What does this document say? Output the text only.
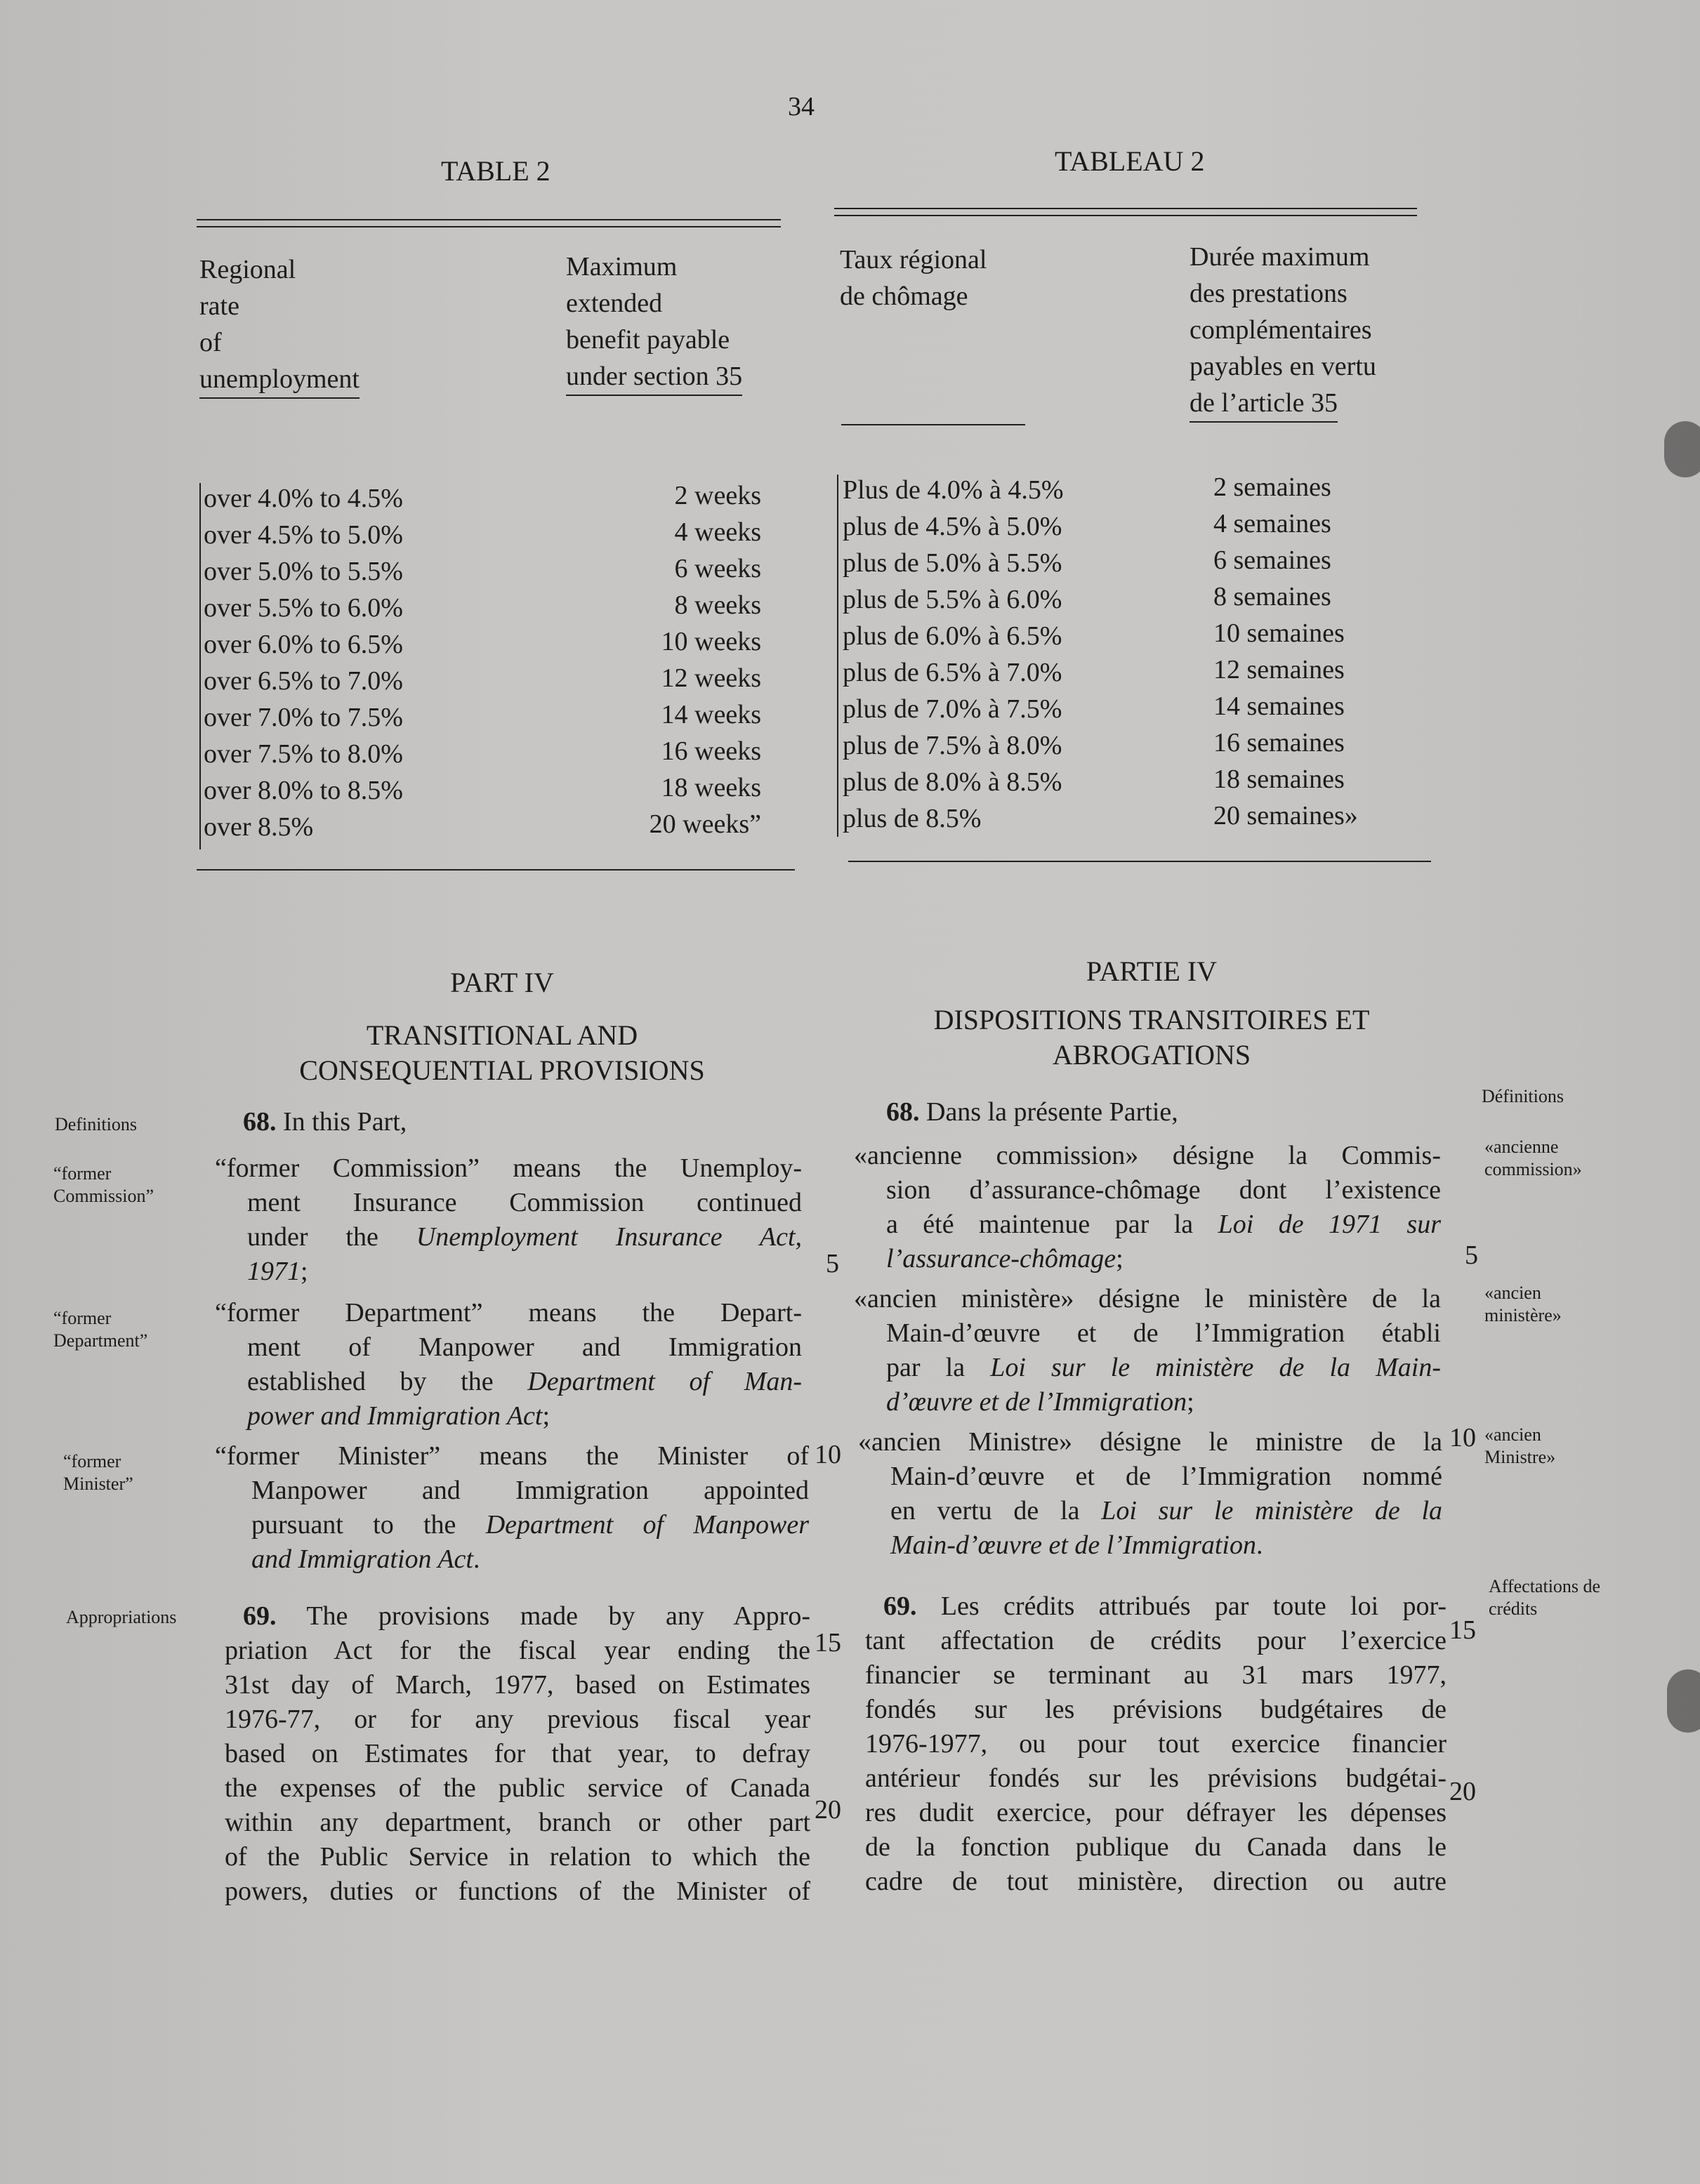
34
TABLE 2
Regional
rate
of
unemployment
Maximum
extended
benefit payable
under section 35
over 4.0% to 4.5%
over 4.5% to 5.0%
over 5.0% to 5.5%
over 5.5% to 6.0%
over 6.0% to 6.5%
over 6.5% to 7.0%
over 7.0% to 7.5%
over 7.5% to 8.0%
over 8.0% to 8.5%
over 8.5%
2 weeks
4 weeks
6 weeks
8 weeks
10 weeks
12 weeks
14 weeks
16 weeks
18 weeks
20 weeks”
TABLEAU 2
Taux régional
de chômage
Durée maximum
des prestations
complémentaires
payables en vertu
de l’article 35
Plus de 4.0% à 4.5%
plus de 4.5% à 5.0%
plus de 5.0% à 5.5%
plus de 5.5% à 6.0%
plus de 6.0% à 6.5%
plus de 6.5% à 7.0%
plus de 7.0% à 7.5%
plus de 7.5% à 8.0%
plus de 8.0% à 8.5%
plus de 8.5%
2 semaines
4 semaines
6 semaines
8 semaines
10 semaines
12 semaines
14 semaines
16 semaines
18 semaines
20 semaines»
PART IV
TRANSITIONAL AND
CONSEQUENTIAL PROVISIONS
PARTIE IV
DISPOSITIONS TRANSITOIRES ET
ABROGATIONS
Definitions
“former Commission”
“former Department”
“former Minister”
Appropriations
Définitions
«ancienne commission»
«ancien ministère»
«ancien Ministre»
Affectations de crédits
5	5
10
10
15	15
20
20
68. In this Part,
“former Commission” means the Unemploy-
ment Insurance Commission continued
under the Unemployment Insurance Act,
1971;
“former Department” means the Depart-
ment of Manpower and Immigration
established by the Department of Man-
power and Immigration Act;
“former Minister” means the Minister of
Manpower and Immigration appointed
pursuant to the Department of Manpower
and Immigration Act.
69. The provisions made by any Appro-
priation Act for the fiscal year ending the
31st day of March, 1977, based on Estimates
1976-77, or for any previous fiscal year
based on Estimates for that year, to defray
the expenses of the public service of Canada
within any department, branch or other part
of the Public Service in relation to which the
powers, duties or functions of the Minister of
68. Dans la présente Partie,
«ancienne commission» désigne la Commis-
sion d’assurance-chômage dont l’existence
a été maintenue par la Loi de 1971 sur
l’assurance-chômage;
«ancien ministère» désigne le ministère de la
Main-d’œuvre et de l’Immigration établi
par la Loi sur le ministère de la Main-
d’œuvre et de l’Immigration;
«ancien Ministre» désigne le ministre de la
Main-d’œuvre et de l’Immigration nommé
en vertu de la Loi sur le ministère de la
Main-d’œuvre et de l’Immigration.
69. Les crédits attribués par toute loi por-
tant affectation de crédits pour l’exercice
financier se terminant au 31 mars 1977,
fondés sur les prévisions budgétaires de
1976-1977, ou pour tout exercice financier
antérieur fondés sur les prévisions budgétai-
res dudit exercice, pour défrayer les dépenses
de la fonction publique du Canada dans le
cadre de tout ministère, direction ou autre
